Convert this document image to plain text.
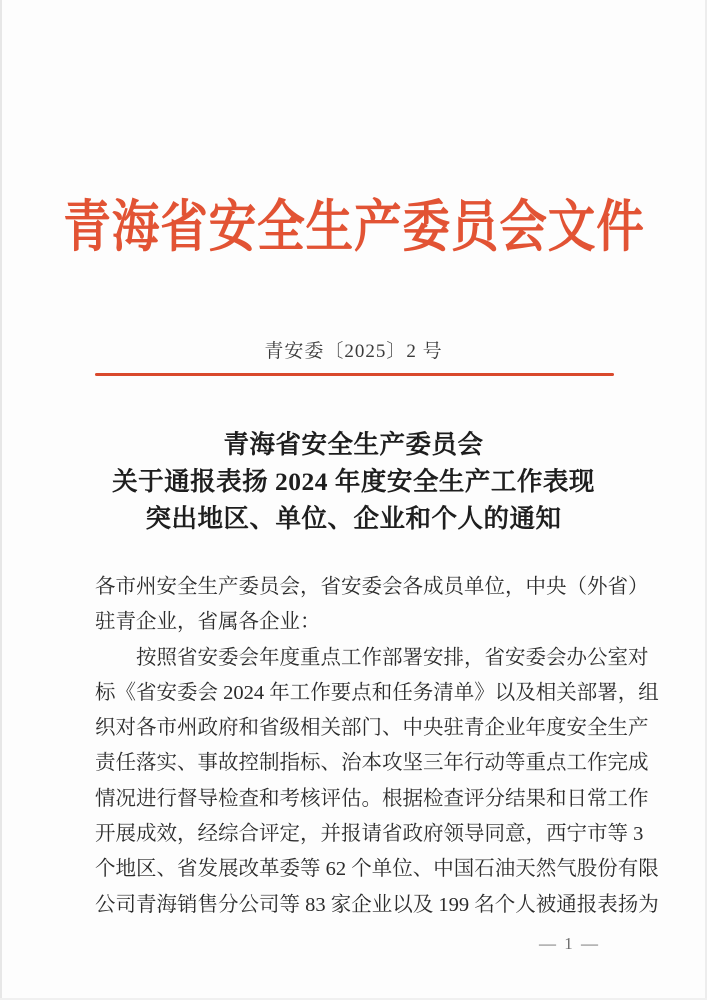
青海省安全生产委员会文件
青安委〔2025〕2 号
青海省安全生产委员会
关于通报表扬 2024 年度安全生产工作表现
突出地区、单位、企业和个人的通知
各市州安全生产委员会，省安委会各成员单位，中央（外省）
驻青企业，省属各企业：
按照省安委会年度重点工作部署安排，省安委会办公室对
标《省安委会 2024 年工作要点和任务清单》以及相关部署，组
织对各市州政府和省级相关部门、中央驻青企业年度安全生产
责任落实、事故控制指标、治本攻坚三年行动等重点工作完成
情况进行督导检查和考核评估。根据检查评分结果和日常工作
开展成效，经综合评定，并报请省政府领导同意，西宁市等 3
个地区、省发展改革委等 62 个单位、中国石油天然气股份有限
公司青海销售分公司等 83 家企业以及 199 名个人被通报表扬为
— 1 —
